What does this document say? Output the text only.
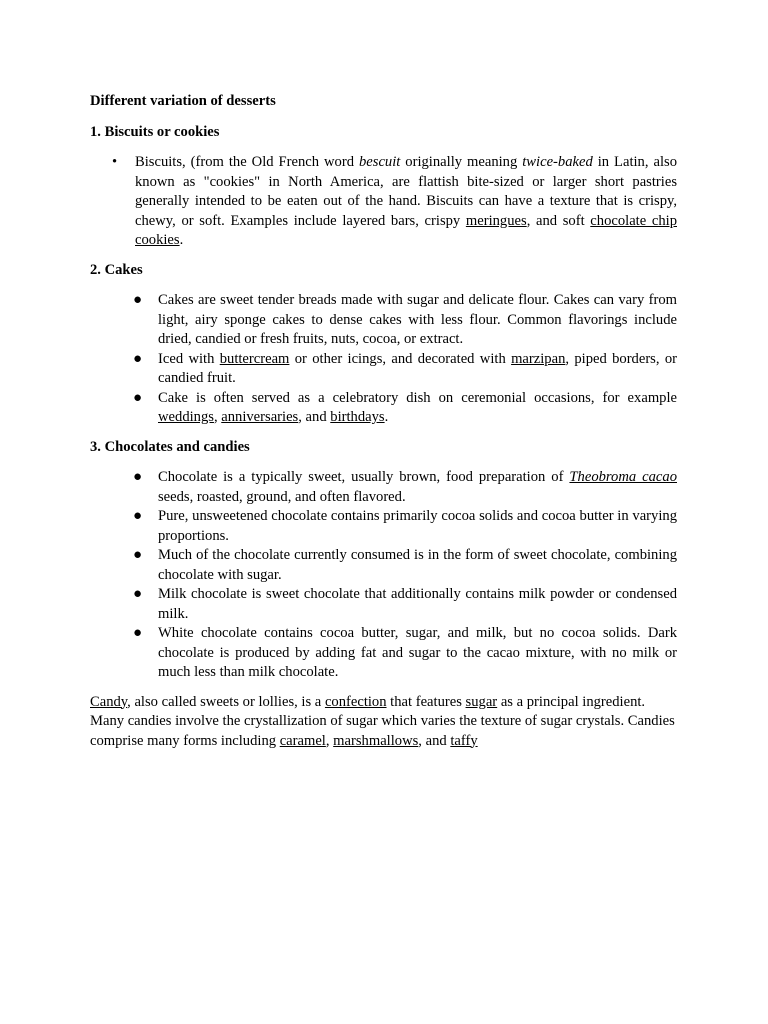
Different variation of desserts
1. Biscuits or cookies
• Biscuits, (from the Old French word bescuit originally meaning twice-baked in Latin, also known as "cookies" in North America, are flattish bite-sized or larger short pastries generally intended to be eaten out of the hand. Biscuits can have a texture that is crispy, chewy, or soft. Examples include layered bars, crispy meringues, and soft chocolate chip cookies.
2. Cakes
● Cakes are sweet tender breads made with sugar and delicate flour. Cakes can vary from light, airy sponge cakes to dense cakes with less flour. Common flavorings include dried, candied or fresh fruits, nuts, cocoa, or extract.
● Iced with buttercream or other icings, and decorated with marzipan, piped borders, or candied fruit.
● Cake is often served as a celebratory dish on ceremonial occasions, for example weddings, anniversaries, and birthdays.
3. Chocolates and candies
● Chocolate is a typically sweet, usually brown, food preparation of Theobroma cacao seeds, roasted, ground, and often flavored.
● Pure, unsweetened chocolate contains primarily cocoa solids and cocoa butter in varying proportions.
● Much of the chocolate currently consumed is in the form of sweet chocolate, combining chocolate with sugar.
● Milk chocolate is sweet chocolate that additionally contains milk powder or condensed milk.
● White chocolate contains cocoa butter, sugar, and milk, but no cocoa solids. Dark chocolate is produced by adding fat and sugar to the cacao mixture, with no milk or much less than milk chocolate.

Candy, also called sweets or lollies, is a confection that features sugar as a principal ingredient. Many candies involve the crystallization of sugar which varies the texture of sugar crystals. Candies comprise many forms including caramel, marshmallows, and taffy
